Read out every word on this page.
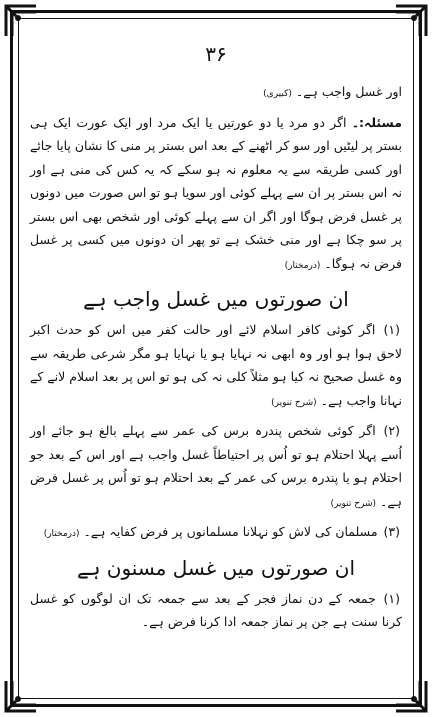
۳۶

اور غسل واجب ہے۔ (کبیری)

مسئلہ:۔ اگر دو مرد یا دو عورتیں یا ایک مرد اور ایک عورت ایک ہی بستر پر لیٹیں اور سو کر اٹھنے کے بعد اس بستر پر منی کا نشان پایا جائے اور کسی طریقہ سے یہ معلوم نہ ہو سکے کہ یہ کس کی منی ہے اور نہ اس بستر پر ان سے پہلے کوئی اور سویا ہو تو اس صورت میں دونوں پر غسل فرض ہوگا اور اگر ان سے پہلے کوئی اور شخص بھی اس بستر پر سو چکا ہے اور منی خشک ہے تو پھر ان دونوں میں کسی پر غسل فرض نہ ہوگا۔ (درمختار)

ان صورتوں میں غسل واجب ہے

(۱) اگر کوئی کافر اسلام لائے اور حالت کفر میں اس کو حدث اکبر لاحق ہوا ہو اور وہ ابھی نہ نہایا ہو یا نہایا ہو مگر شرعی طریقہ سے وہ غسل صحیح نہ کیا ہو مثلاً کلی نہ کی ہو تو اس پر بعد اسلام لانے کے نہانا واجب ہے۔ (شرح تنویر)

(۲) اگر کوئی شخص پندرہ برس کی عمر سے پہلے بالغ ہو جائے اور اُسے پہلا احتلام ہو تو اُس پر احتیاطاً غسل واجب ہے اور اس کے بعد جو احتلام ہو یا پندرہ برس کی عمر کے بعد احتلام ہو تو اُس پر غسل فرض ہے۔ (شرح تنویر)

(۳) مسلمان کی لاش کو نہلانا مسلمانوں پر فرض کفایہ ہے۔ (درمختار)

ان صورتوں میں غسل مسنون ہے

(۱) جمعہ کے دن نماز فجر کے بعد سے جمعہ تک ان لوگوں کو غسل کرنا سنت ہے جن پر نماز جمعہ ادا کرنا فرض ہے۔
